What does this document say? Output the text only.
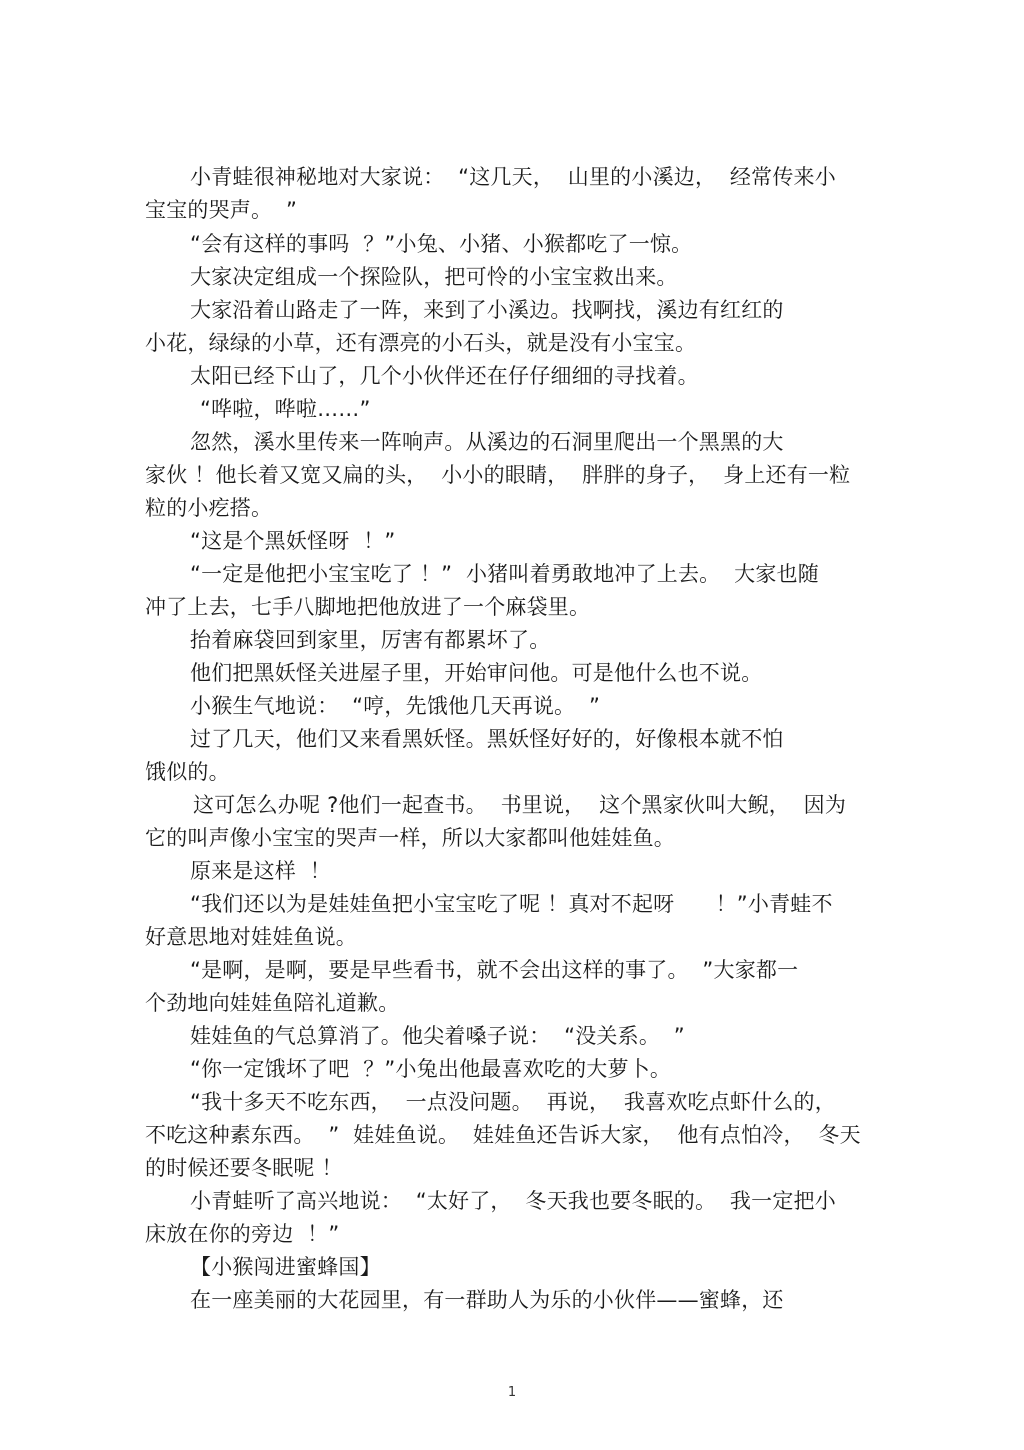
小青蛙很神秘地对大家说：  “这几天，  山里的小溪边，  经常传来小
宝宝的哭声。  ”
“会有这样的事吗  ？”小兔、小猪、小猴都吃了一惊。
大家决定组成一个探险队，把可怜的小宝宝救出来。
大家沿着山路走了一阵，来到了小溪边。找啊找，溪边有红红的
小花，绿绿的小草，还有漂亮的小石头，就是没有小宝宝。
太阳已经下山了，几个小伙伴还在仔仔细细的寻找着。
“哗啦，哗啦……”
忽然，溪水里传来一阵响声。从溪边的石洞里爬出一个黑黑的大
家伙 ！他长着又宽又扁的头，  小小的眼睛，  胖胖的身子，  身上还有一粒
粒的小疙搭。
“这是个黑妖怪呀  ！”
“一定是他把小宝宝吃了 ！”  小猪叫着勇敢地冲了上去。  大家也随
冲了上去，七手八脚地把他放进了一个麻袋里。
抬着麻袋回到家里，厉害有都累坏了。
他们把黑妖怪关进屋子里，开始审问他。可是他什么也不说。
小猴生气地说：  “哼，先饿他几天再说。  ”
过了几天，他们又来看黑妖怪。黑妖怪好好的，好像根本就不怕
饿似的。
这可怎么办呢 ?他们一起查书。  书里说，  这个黑家伙叫大鲵，  因为
它的叫声像小宝宝的哭声一样，所以大家都叫他娃娃鱼。
原来是这样  ！
“我们还以为是娃娃鱼把小宝宝吃了呢 ！真对不起呀      ！”小青蛙不
好意思地对娃娃鱼说。
“是啊，是啊，要是早些看书，就不会出这样的事了。  ”大家都一
个劲地向娃娃鱼陪礼道歉。
娃娃鱼的气总算消了。他尖着嗓子说：  “没关系。  ”
“你一定饿坏了吧  ？”小兔出他最喜欢吃的大萝卜。
“我十多天不吃东西，  一点没问题。  再说，  我喜欢吃点虾什么的，
不吃这种素东西。  ”  娃娃鱼说。  娃娃鱼还告诉大家，  他有点怕冷，  冬天
的时候还要冬眠呢 ！
小青蛙听了高兴地说：  “太好了，  冬天我也要冬眠的。  我一定把小
床放在你的旁边  ！”
【小猴闯进蜜蜂国】
在一座美丽的大花园里，有一群助人为乐的小伙伴——蜜蜂，还
1
